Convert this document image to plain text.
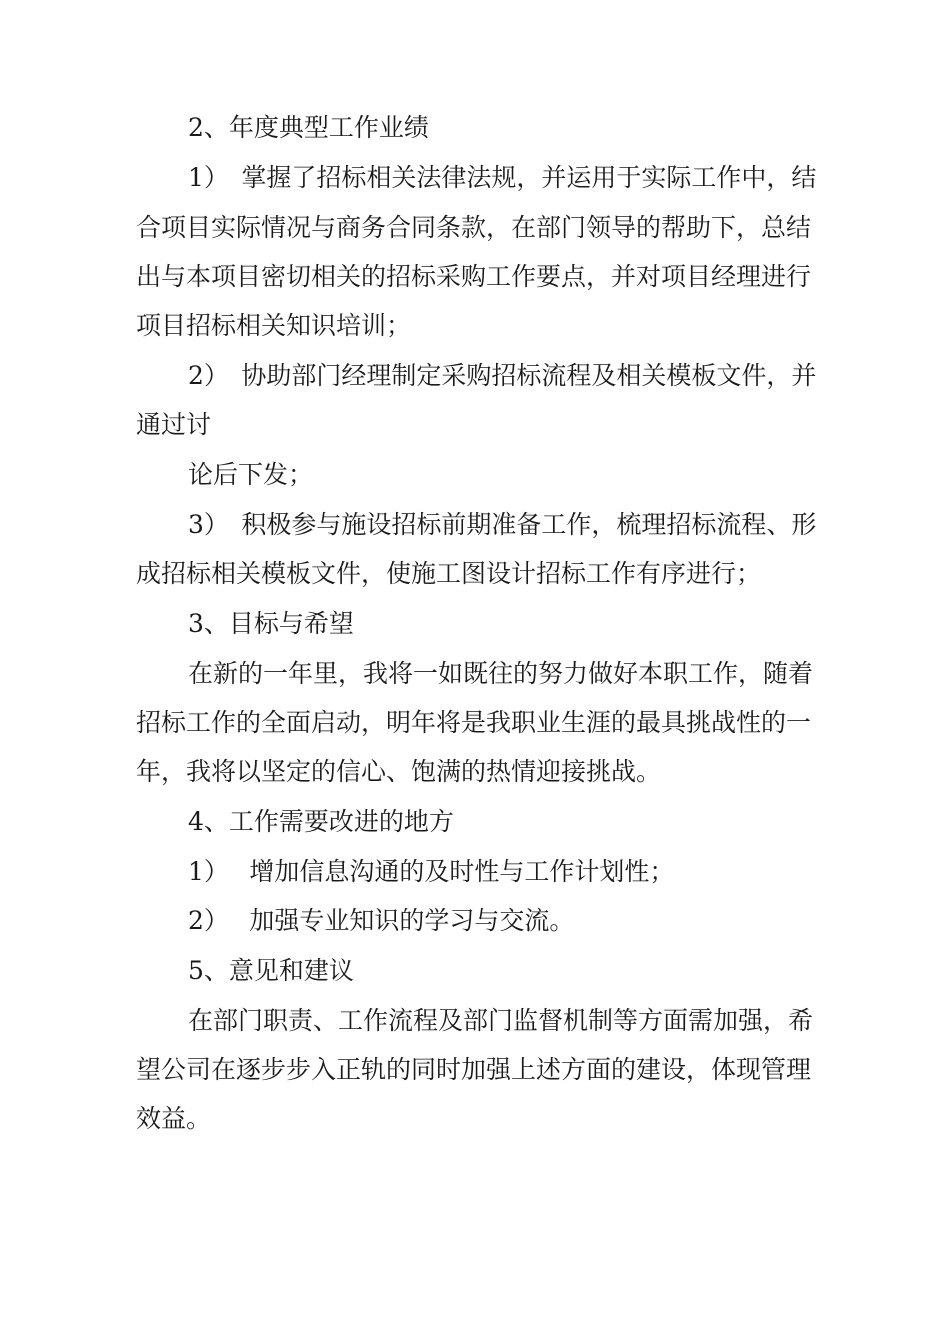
2、年度典型工作业绩
1）　掌握了招标相关法律法规，并运用于实际工作中，结
合项目实际情况与商务合同条款，在部门领导的帮助下，总结
出与本项目密切相关的招标采购工作要点，并对项目经理进行
项目招标相关知识培训；
2）　协助部门经理制定采购招标流程及相关模板文件，并
通过讨
论后下发；
3）　积极参与施设招标前期准备工作，梳理招标流程、形
成招标相关模板文件，使施工图设计招标工作有序进行；
3、目标与希望
在新的一年里，我将一如既往的努力做好本职工作，随着
招标工作的全面启动，明年将是我职业生涯的最具挑战性的一
年，我将以坚定的信心、饱满的热情迎接挑战。
4、工作需要改进的地方
1）　 增加信息沟通的及时性与工作计划性；
2）　 加强专业知识的学习与交流。
5、意见和建议
在部门职责、工作流程及部门监督机制等方面需加强，希
望公司在逐步步入正轨的同时加强上述方面的建设，体现管理
效益。
